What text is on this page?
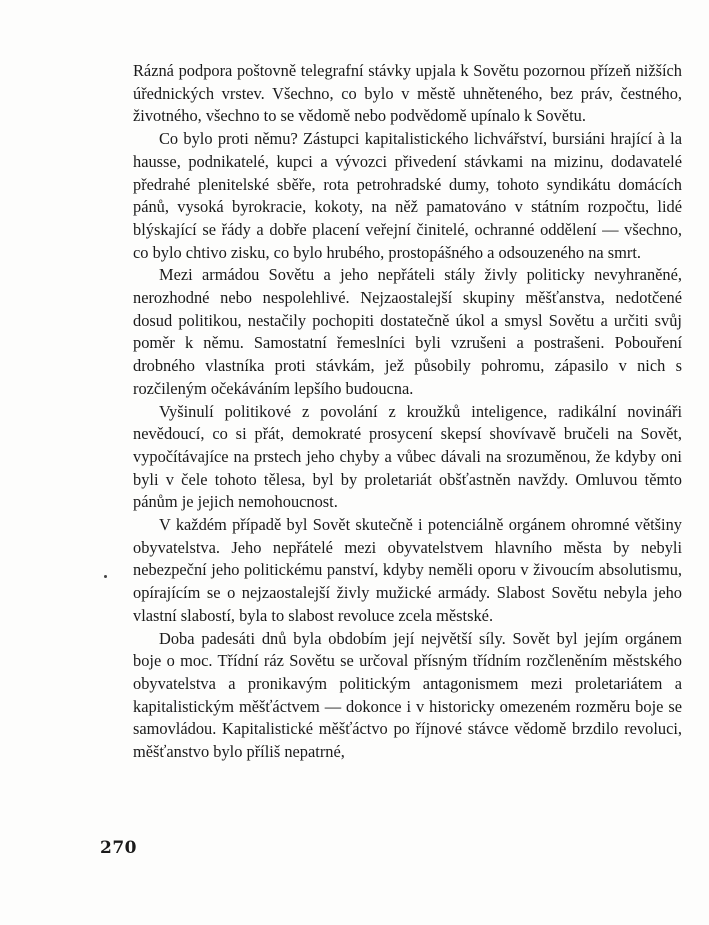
Rázná podpora poštovně telegrafní stávky upjala k Sovětu pozornou přízeň nižších úřednických vrstev. Všechno, co bylo v městě uhněteného, bez práv, čestného, životného, všechno to se vědomě nebo podvědomě upínalo k Sovětu.

Co bylo proti němu? Zástupci kapitalistického lichvářství, bursiáni hrající à la hausse, podnikatelé, kupci a vývozci přivedení stávkami na mizinu, dodavatelé předrahé plenitelské sběře, rota petrohradské dumy, tohoto syndikátu domácích pánů, vysoká byrokracie, kokoty, na něž pamatováno v státním rozpočtu, lidé blýskající se řády a dobře placení veřejní činitelé, ochranné oddělení — všechno, co bylo chtivo zisku, co bylo hrubého, prostopášného a odsouzeného na smrt.

Mezi armádou Sovětu a jeho nepřáteli stály živly politicky nevyhraněné, nerozhodné nebo nespolehlivé. Nejzaostalejší skupiny měšťanstva, nedotčené dosud politikou, nestačily pochopiti dostatečně úkol a smysl Sovětu a určiti svůj poměr k němu. Samostatní řemeslníci byli vzrušeni a postrašeni. Pobouření drobného vlastníka proti stávkám, jež působily pohromu, zápasilo v nich s rozčileným očekáváním lepšího budoucna.

Vyšinulí politikové z povolání z kroužků inteligence, radikální novináři nevědoucí, co si přát, demokraté prosycení skepsí shovívavě bručeli na Sovět, vypočítávajíce na prstech jeho chyby a vůbec dávali na srozuměnou, že kdyby oni byli v čele tohoto tělesa, byl by proletariát obšťastněn navždy. Omluvou těmto pánům je jejich nemohoucnost.

V každém případě byl Sovět skutečně i potenciálně orgánem ohromné většiny obyvatelstva. Jeho nepřátelé mezi obyvatelstvem hlavního města by nebyli nebezpeční jeho politickému panství, kdyby neměli oporu v živoucím absolutismu, opírajícím se o nejzaostalejší živly mužické armády. Slabost Sovětu nebyla jeho vlastní slabostí, byla to slabost revoluce zcela městské.

Doba padesáti dnů byla obdobím její největší síly. Sovět byl jejím orgánem boje o moc. Třídní ráz Sovětu se určoval přísným třídním rozčleněním městského obyvatelstva a pronikavým politickým antagonismem mezi proletariátem a kapitalistickým měšťáctvem — dokonce i v historicky omezeném rozměru boje se samovládou. Kapitalistické měšťáctvo po říjnové stávce vědomě brzdilo revoluci, měšťanstvo bylo příliš nepatrné,

270
